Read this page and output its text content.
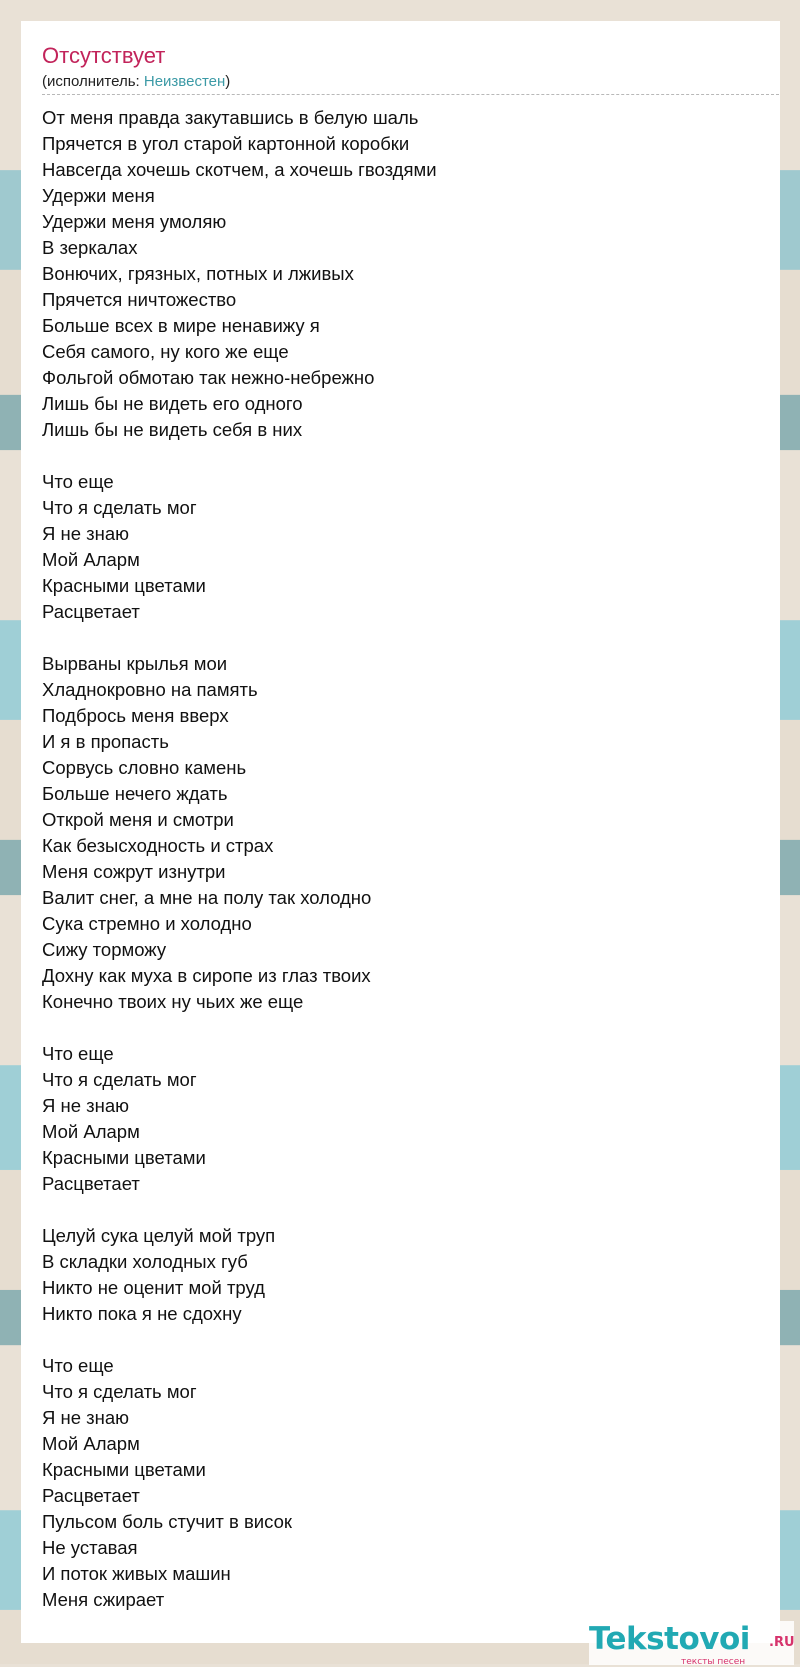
Отсутствует
(исполнитель: Неизвестен)
От меня правда закутавшись в белую шаль
Прячется в угол старой картонной коробки
Навсегда хочешь скотчем, а хочешь гвоздями
Удержи меня
Удержи меня умоляю
В зеркалах
Вонючих, грязных, потных и лживых
Прячется ничтожество
Больше всех в мире ненавижу я
Себя самого, ну кого же еще
Фольгой обмотаю так нежно-небрежно
Лишь бы не видеть его одного
Лишь бы не видеть себя в них
Что еще
Что я сделать мог
Я не знаю
Мой Аларм
Красными цветами
Расцветает
Вырваны крылья мои
Хладнокровно на память
Подбрось меня вверх
И я в пропасть
Сорвусь словно камень
Больше нечего ждать
Открой меня и смотри
Как безысходность и страх
Меня сожрут изнутри
Валит снег, а мне на полу так холодно
Сука стремно и холодно
Сижу торможу
Дохну как муха в сиропе из глаз твоих
Конечно твоих ну чьих же еще
Что еще
Что я сделать мог
Я не знаю
Мой Аларм
Красными цветами
Расцветает
Целуй сука целуй мой труп
В складки холодных губ
Никто не оценит мой труд
Никто пока я не сдохну
Что еще
Что я сделать мог
Я не знаю
Мой Аларм
Красными цветами
Расцветает
Пульсом боль стучит в висок
Не уставая
И поток живых машин
Меня сжирает
Tekstovoi .RU
тексты песен
